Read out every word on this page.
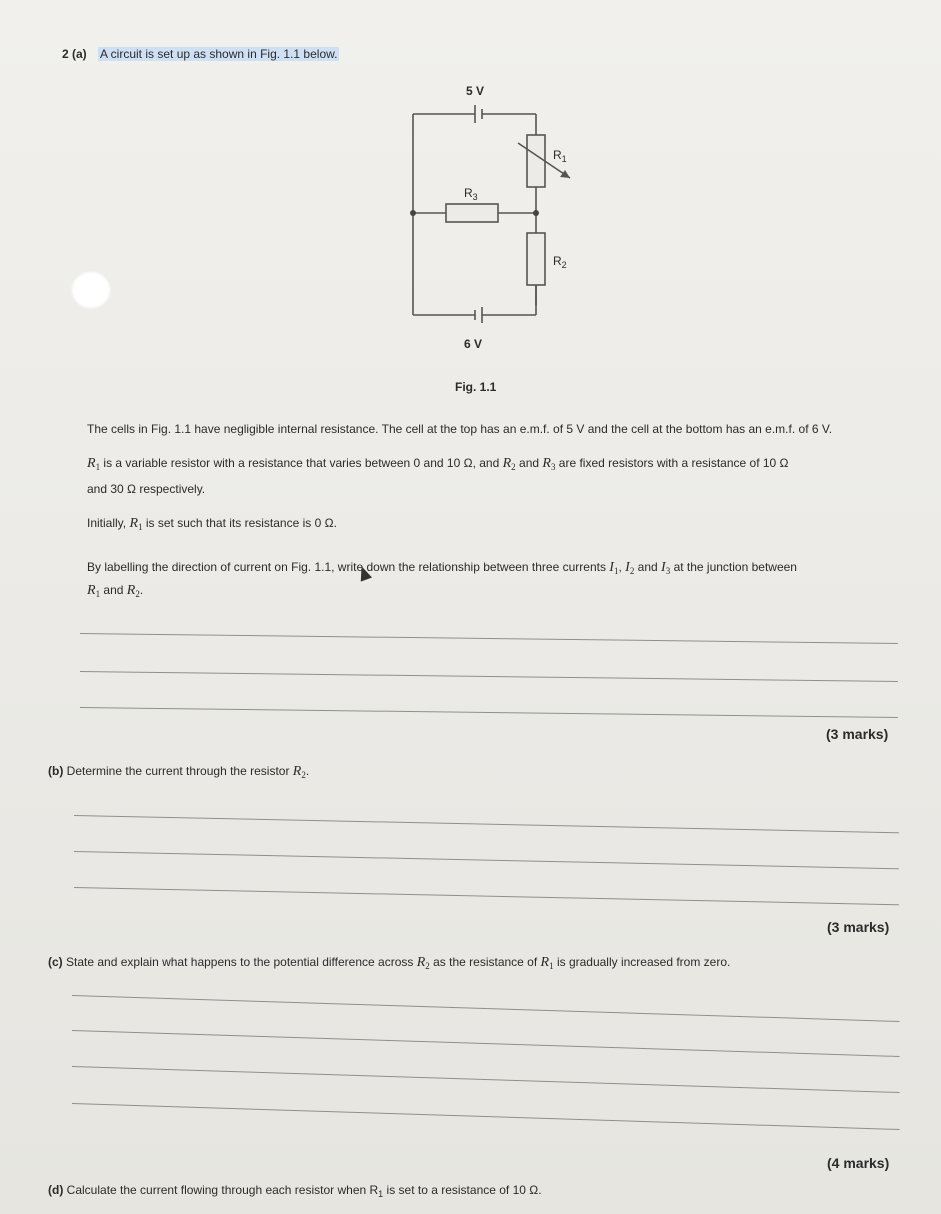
2 (a) A circuit is set up as shown in Fig. 1.1 below.
5 V
6 V
$R_1$
$R_3$
$R_2$
Fig. 1.1
The cells in Fig. 1.1 have negligible internal resistance. The cell at the top has an e.m.f. of 5 V and the cell at the bottom has an e.m.f. of 6 V.
$R_1$ is a variable resistor with a resistance that varies between 0 and 10 Ω, and $R_2$ and $R_3$ are fixed resistors with a resistance of 10 Ω
and 30 Ω respectively.
Initially, $R_1$ is set such that its resistance is 0 Ω.
By labelling the direction of current on Fig. 1.1, write down the relationship between three currents $I_1$, $I_2$ and $I_3$ at the junction between
$R_1$ and $R_2$.
(3 marks)
(b) Determine the current through the resistor $R_2$.
(3 marks)
(c) State and explain what happens to the potential difference across $R_2$ as the resistance of $R_1$ is gradually increased from zero.
(4 marks)
(d) Calculate the current flowing through each resistor when $R_1$ is set to a resistance of 10 Ω.
